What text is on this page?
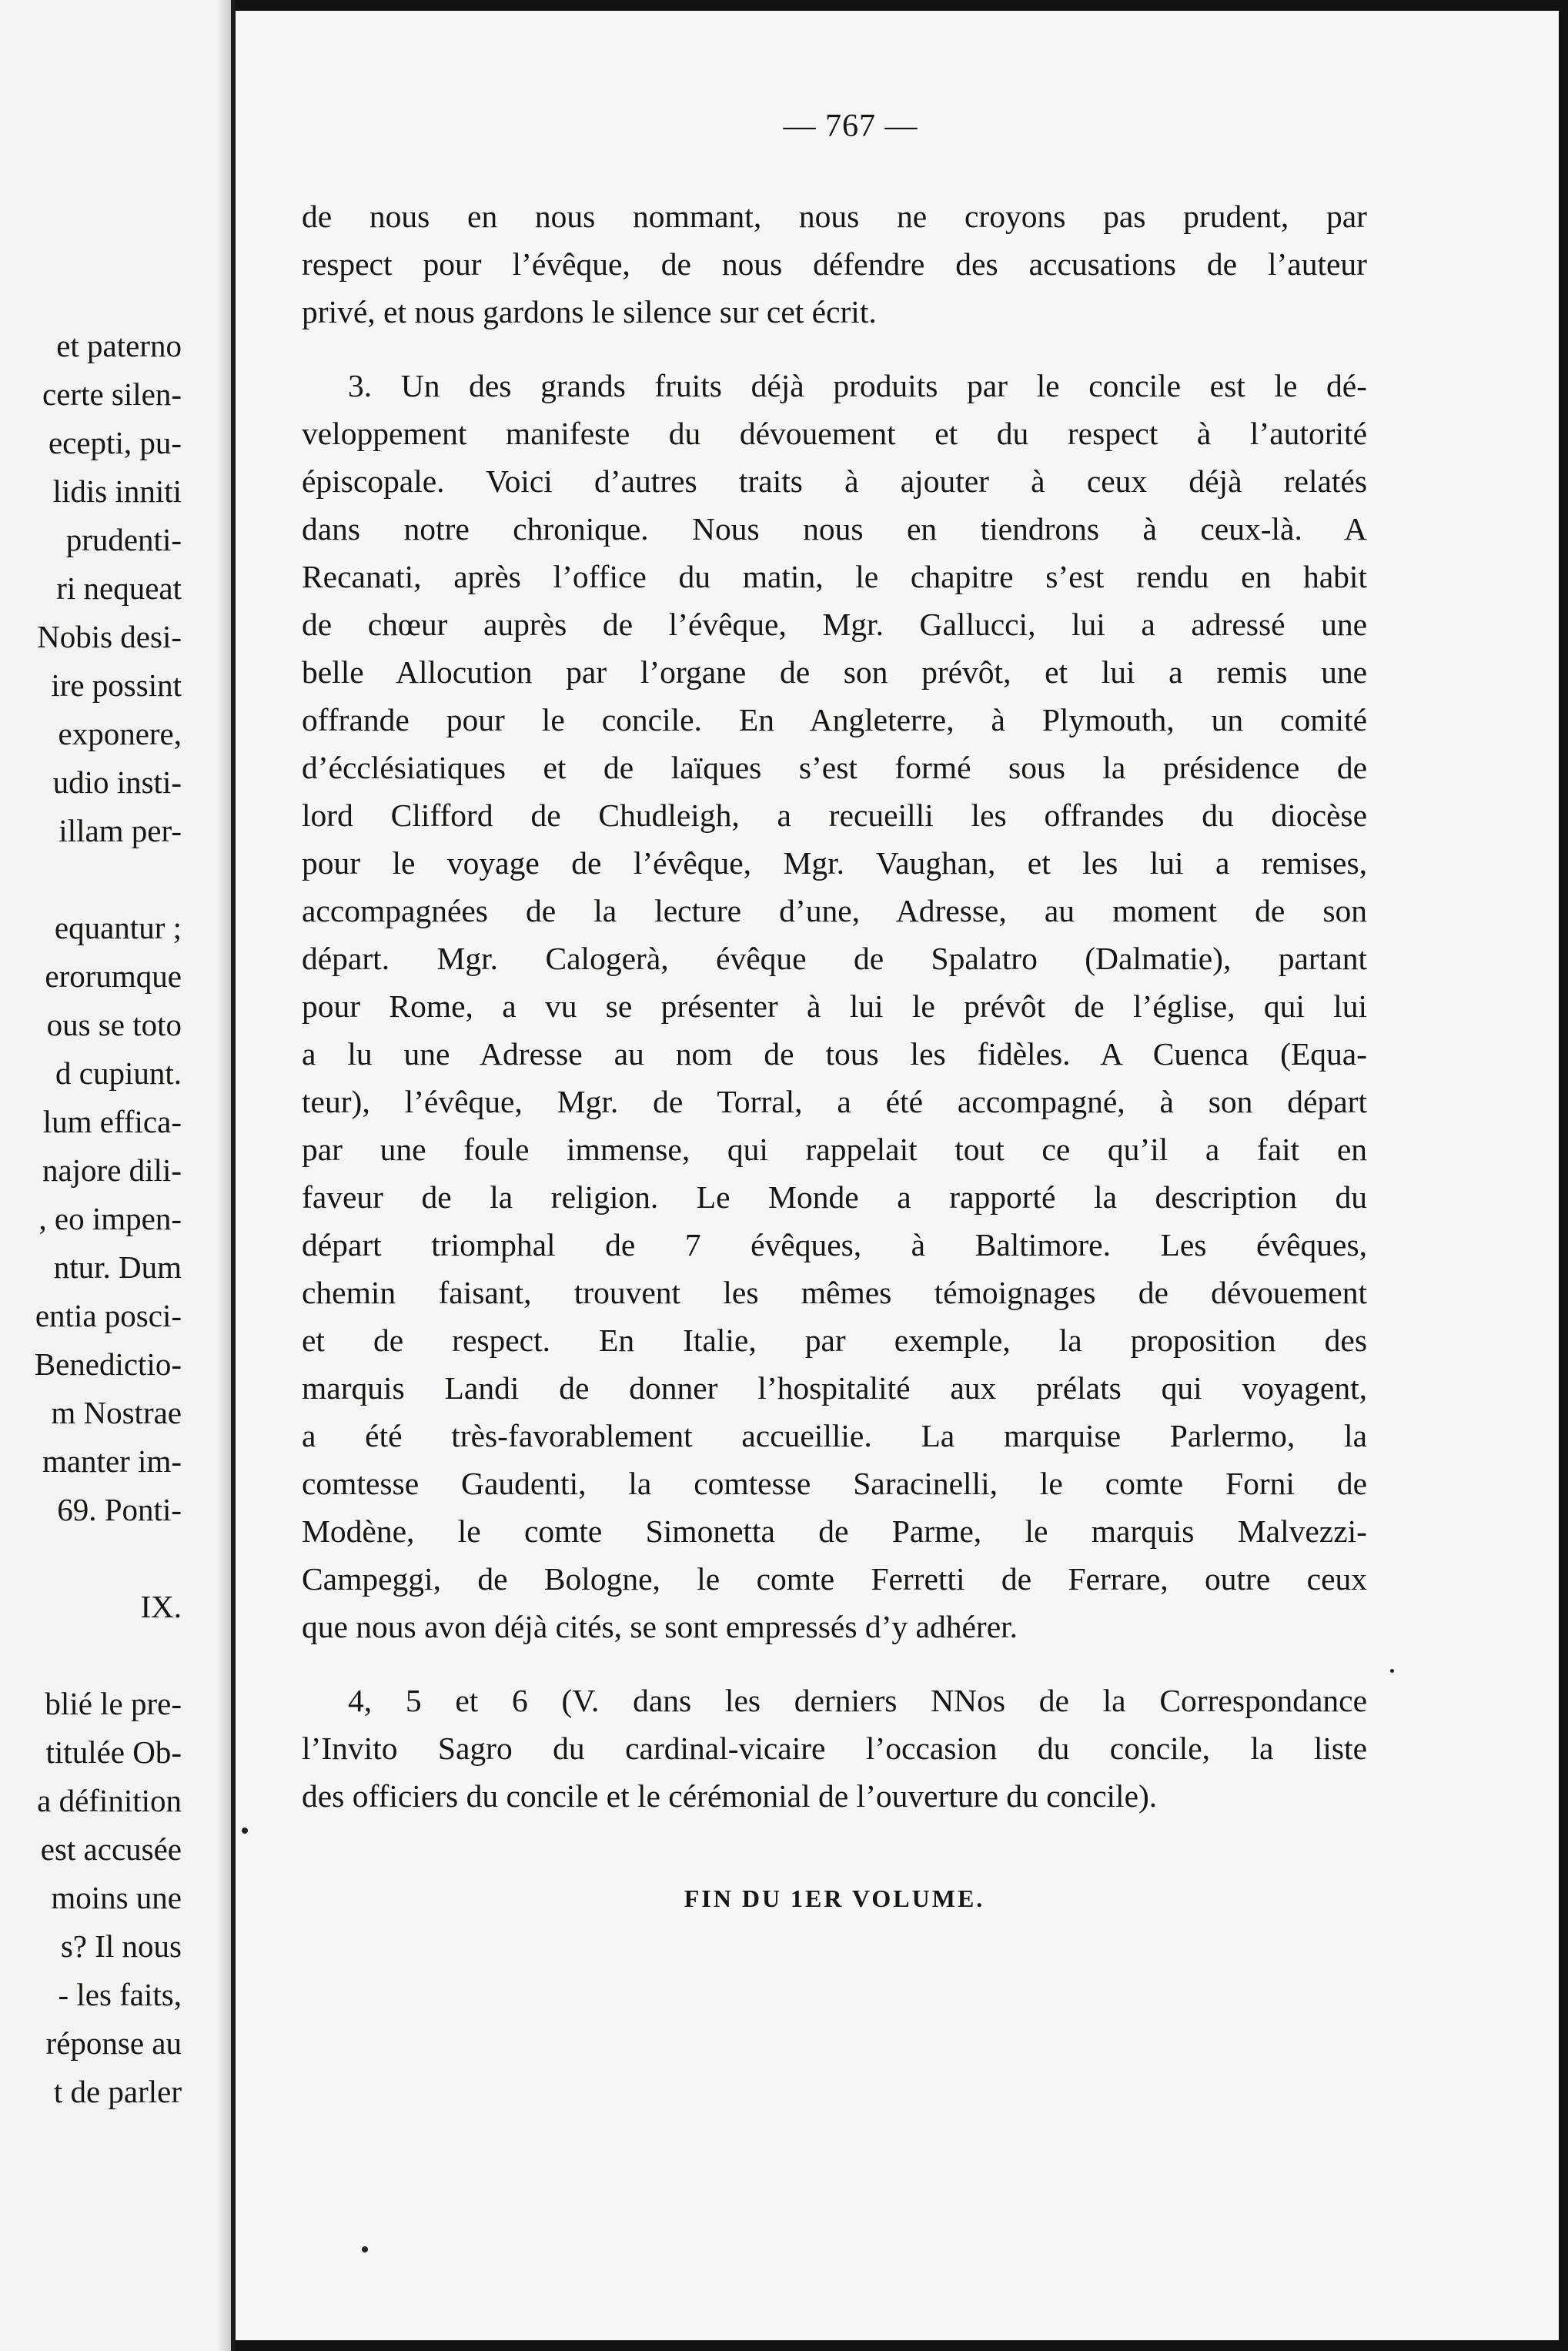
et paterno
certe silen-
ecepti, pu-
lidis inniti
prudenti-
ri nequeat
Nobis desi-
ire possint
exponere,
udio insti-
illam per-
equantur ;
erorumque
ous se toto
d cupiunt.
lum effica-
najore dili-
, eo impen-
ntur. Dum
entia posci-
Benedictio-
m Nostrae
manter im-
69. Ponti-
IX.
blié le pre-
titulée Ob-
a définition
est accusée
moins une
s? Il nous
- les faits,
réponse au
t de parler
— 767 —
de nous en nous nommant, nous ne croyons pas prudent, par
respect pour l’évêque, de nous défendre des accusations de l’auteur
privé, et nous gardons le silence sur cet écrit.
3. Un des grands fruits déjà produits par le concile est le dé-
veloppement manifeste du dévouement et du respect à l’autorité
épiscopale. Voici d’autres traits à ajouter à ceux déjà relatés
dans notre chronique. Nous nous en tiendrons à ceux-là. A
Recanati, après l’office du matin, le chapitre s’est rendu en habit
de chœur auprès de l’évêque, Mgr. Gallucci, lui a adressé une
belle Allocution par l’organe de son prévôt, et lui a remis une
offrande pour le concile. En Angleterre, à Plymouth, un comité
d’écclésiatiques et de laïques s’est formé sous la présidence de
lord Clifford de Chudleigh, a recueilli les offrandes du diocèse
pour le voyage de l’évêque, Mgr. Vaughan, et les lui a remises,
accompagnées de la lecture d’une, Adresse, au moment de son
départ. Mgr. Calogerà, évêque de Spalatro (Dalmatie), partant
pour Rome, a vu se présenter à lui le prévôt de l’église, qui lui
a lu une Adresse au nom de tous les fidèles. A Cuenca (Equa-
teur), l’évêque, Mgr. de Torral, a été accompagné, à son départ
par une foule immense, qui rappelait tout ce qu’il a fait en
faveur de la religion. Le Monde a rapporté la description du
départ triomphal de 7 évêques, à Baltimore. Les évêques,
chemin faisant, trouvent les mêmes témoignages de dévouement
et de respect. En Italie, par exemple, la proposition des
marquis Landi de donner l’hospitalité aux prélats qui voyagent,
a été très-favorablement accueillie. La marquise Parlermo, la
comtesse Gaudenti, la comtesse Saracinelli, le comte Forni de
Modène, le comte Simonetta de Parme, le marquis Malvezzi-
Campeggi, de Bologne, le comte Ferretti de Ferrare, outre ceux
que nous avon déjà cités, se sont empressés d’y adhérer.
4, 5 et 6 (V. dans les derniers NNos de la Correspondance
l’Invito Sagro du cardinal-vicaire l’occasion du concile, la liste
des officiers du concile et le cérémonial de l’ouverture du concile).
FIN DU 1ER VOLUME.
